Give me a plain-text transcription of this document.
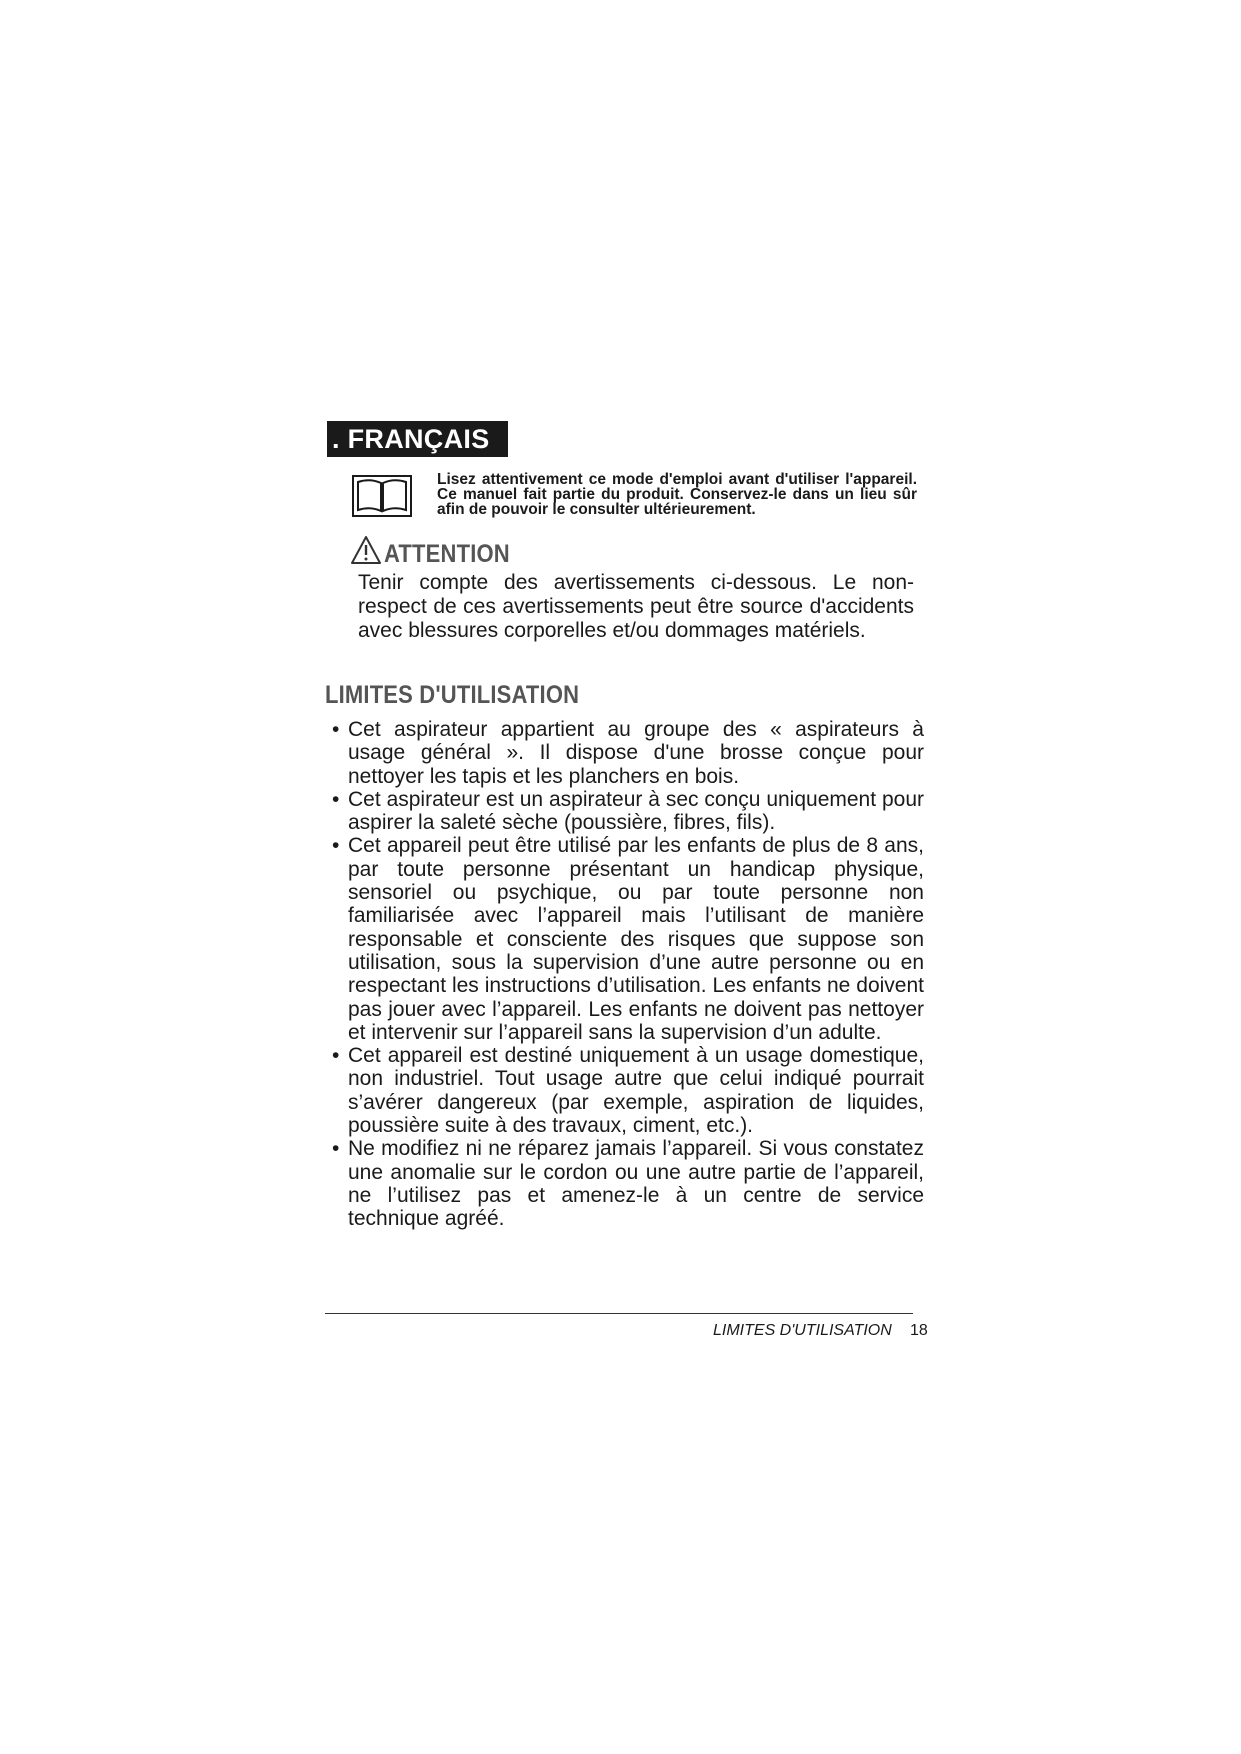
. FRANÇAIS
Lisez attentivement ce mode d'emploi avant d'utiliser l'appareil. Ce manuel fait partie du produit. Conservez-le dans un lieu sûr afin de pouvoir le consulter ultérieurement.
ATTENTION
Tenir compte des avertissements ci-dessous. Le non-respect de ces avertissements peut être source d'accidents avec blessures corporelles et/ou dommages matériels.
LIMITES D'UTILISATION
• Cet aspirateur appartient au groupe des « aspirateurs à usage général ». Il dispose d'une brosse conçue pour nettoyer les tapis et les planchers en bois.
• Cet aspirateur est un aspirateur à sec conçu uniquement pour aspirer la saleté sèche (poussière, fibres, fils).
• Cet appareil peut être utilisé par les enfants de plus de 8 ans, par toute personne présentant un handicap physique, sensoriel ou psychique, ou par toute personne non familiarisée avec l’appareil mais l’utilisant de manière responsable et consciente des risques que suppose son utilisation, sous la supervision d’une autre personne ou en respectant les instructions d’utilisation. Les enfants ne doivent pas jouer avec l’appareil. Les enfants ne doivent pas nettoyer et intervenir sur l’appareil sans la supervision d’un adulte.
• Cet appareil est destiné uniquement à un usage domestique, non industriel. Tout usage autre que celui indiqué pourrait s’avérer dangereux (par exemple, aspiration de liquides, poussière suite à des travaux, ciment, etc.).
• Ne modifiez ni ne réparez jamais l’appareil. Si vous constatez une anomalie sur le cordon ou une autre partie de l’appareil, ne l’utilisez pas et amenez-le à un centre de service technique agréé.
LIMITES D'UTILISATION 18
